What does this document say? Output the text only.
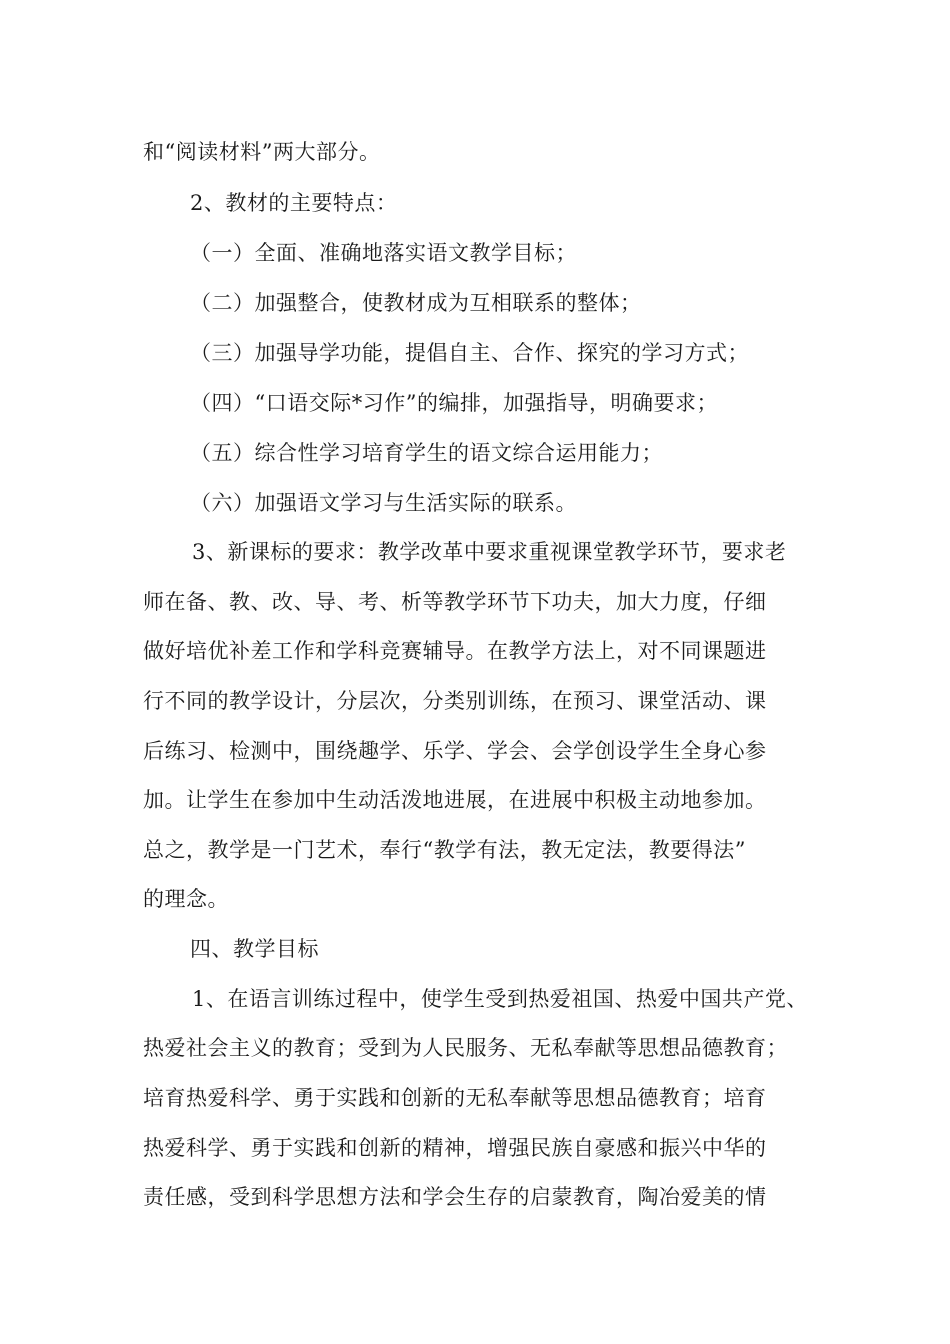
和“阅读材料”两大部分。
2、教材的主要特点：
（一）全面、准确地落实语文教学目标；
（二）加强整合，使教材成为互相联系的整体；
（三）加强导学功能，提倡自主、合作、探究的学习方式；
（四）“口语交际*习作”的编排，加强指导，明确要求；
（五）综合性学习培育学生的语文综合运用能力；
（六）加强语文学习与生活实际的联系。
3、新课标的要求：教学改革中要求重视课堂教学环节，要求老
师在备、教、改、导、考、析等教学环节下功夫，加大力度，仔细
做好培优补差工作和学科竞赛辅导。在教学方法上，对不同课题进
行不同的教学设计，分层次，分类别训练，在预习、课堂活动、课
后练习、检测中，围绕趣学、乐学、学会、会学创设学生全身心参
加。让学生在参加中生动活泼地进展，在进展中积极主动地参加。
总之，教学是一门艺术，奉行“教学有法，教无定法，教要得法”
的理念。
四、教学目标
1、在语言训练过程中，使学生受到热爱祖国、热爱中国共产党、
热爱社会主义的教育；受到为人民服务、无私奉献等思想品德教育；
培育热爱科学、勇于实践和创新的无私奉献等思想品德教育；培育
热爱科学、勇于实践和创新的精神，增强民族自豪感和振兴中华的
责任感，受到科学思想方法和学会生存的启蒙教育，陶冶爱美的情
